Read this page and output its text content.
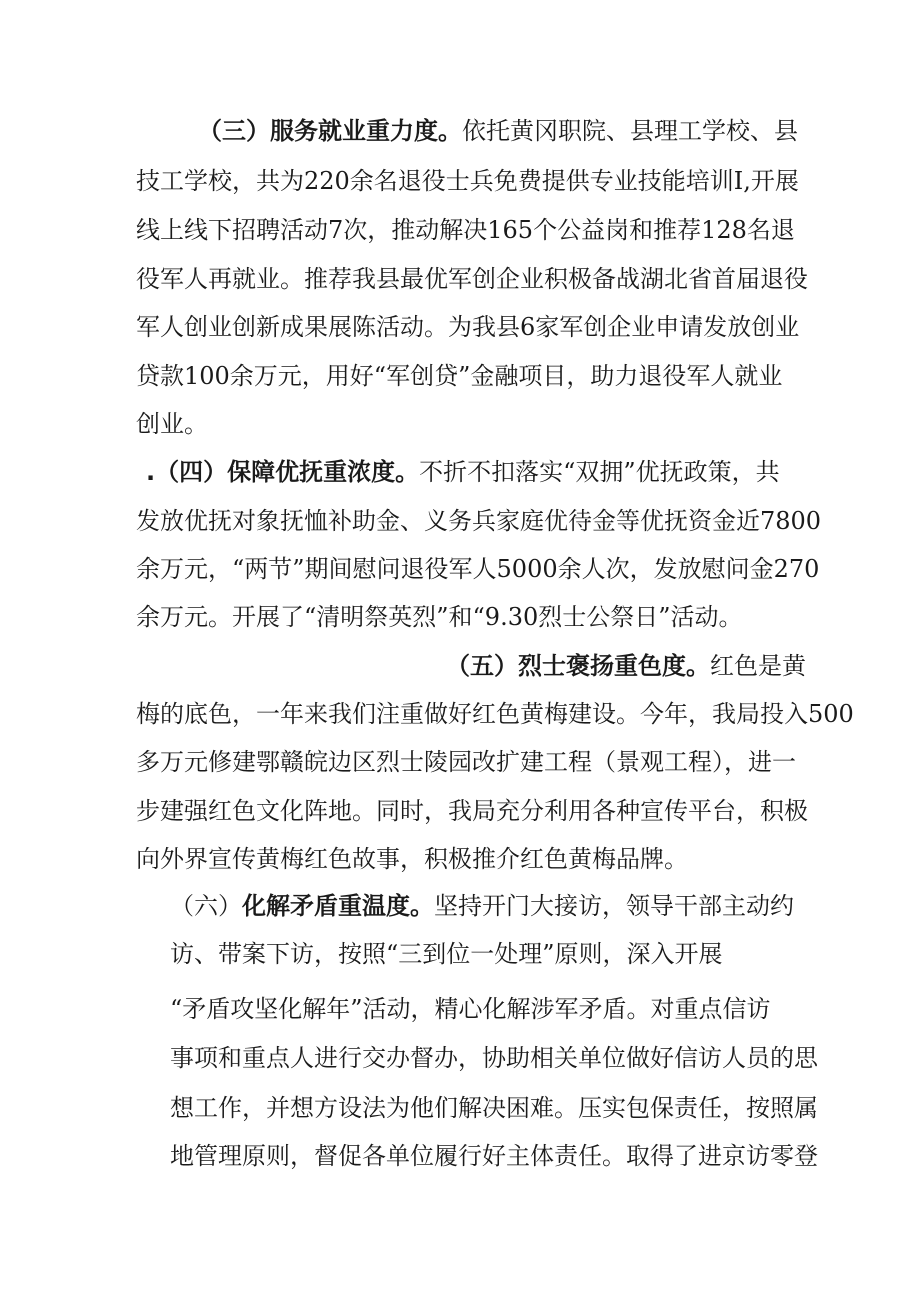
（三）服务就业重力度。依托黄冈职院、县理工学校、县
技工学校，共为220余名退役士兵免费提供专业技能培训I,开展
线上线下招聘活动7次，推动解决165个公益岗和推荐128名退
役军人再就业。推荐我县最优军创企业积极备战湖北省首届退役
军人创业创新成果展陈活动。为我县6家军创企业申请发放创业
贷款100余万元，用好“军创贷”金融项目，助力退役军人就业
创业。
.（四）保障优抚重浓度。不折不扣落实“双拥”优抚政策，共
发放优抚对象抚恤补助金、义务兵家庭优待金等优抚资金近7800
余万元，“两节”期间慰问退役军人5000余人次，发放慰问金270
余万元。开展了“清明祭英烈”和“9.30烈士公祭日”活动。
（五）烈士褒扬重色度。红色是黄
梅的底色，一年来我们注重做好红色黄梅建设。今年，我局投入500
多万元修建鄂赣皖边区烈士陵园改扩建工程（景观工程），进一
步建强红色文化阵地。同时，我局充分利用各种宣传平台，积极
向外界宣传黄梅红色故事，积极推介红色黄梅品牌。
（六）化解矛盾重温度。坚持开门大接访，领导干部主动约
访、带案下访，按照“三到位一处理”原则，深入开展
“矛盾攻坚化解年”活动，精心化解涉军矛盾。对重点信访
事项和重点人进行交办督办，协助相关单位做好信访人员的思
想工作，并想方设法为他们解决困难。压实包保责任，按照属
地管理原则，督促各单位履行好主体责任。取得了进京访零登
